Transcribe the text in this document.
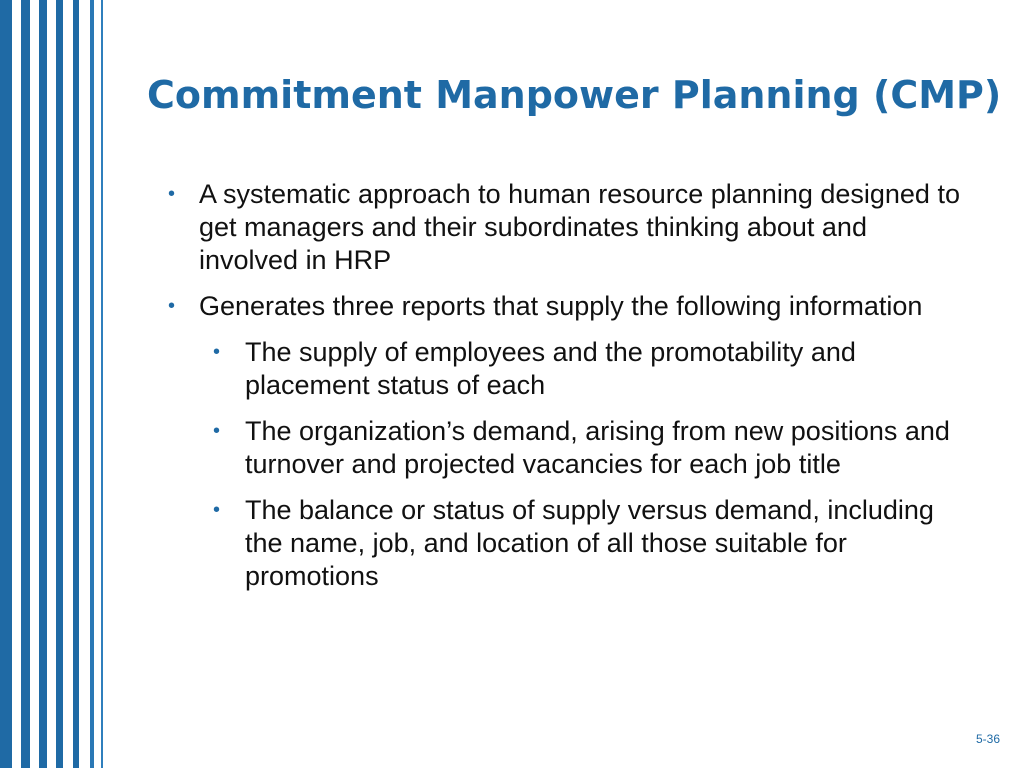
Commitment Manpower Planning (CMP)
• A systematic approach to human resource planning designed to get managers and their subordinates thinking about and involved in HRP
• Generates three reports that supply the following information
• The supply of employees and the promotability and placement status of each
• The organization’s demand, arising from new positions and turnover and projected vacancies for each job title
• The balance or status of supply versus demand, including the name, job, and location of all those suitable for promotions
5-36
